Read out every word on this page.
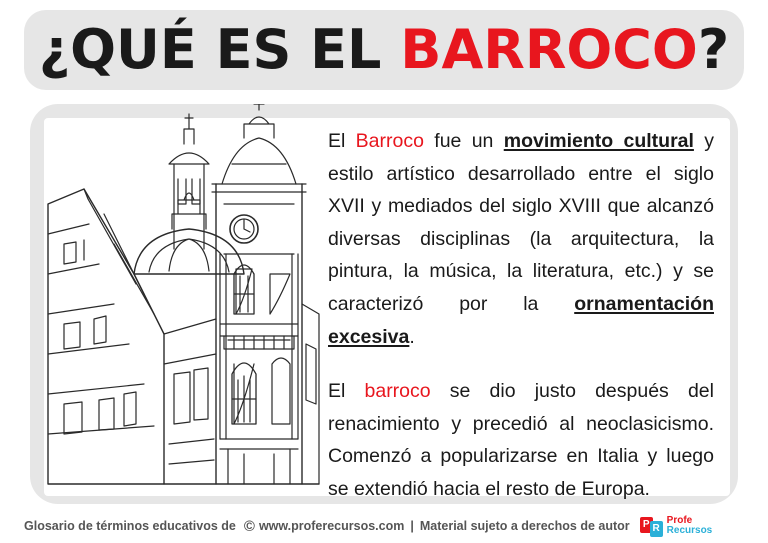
¿QUÉ ES EL BARROCO?

El Barroco fue un movimiento cultural y estilo artístico desarrollado entre el siglo XVII y mediados del siglo XVIII que alcanzó diversas disciplinas (la arquitectura, la pintura, la música, la literatura, etc.) y se caracterizó por la ornamentación excesiva.

El barroco se dio justo después del renacimiento y precedió al neoclasicismo. Comenzó a popularizarse en Italia y luego se extendió hacia el resto de Europa.

Glosario de términos educativos de © www.proferecursos.com | Material sujeto a derechos de autor	P R
Profe
Recursos
